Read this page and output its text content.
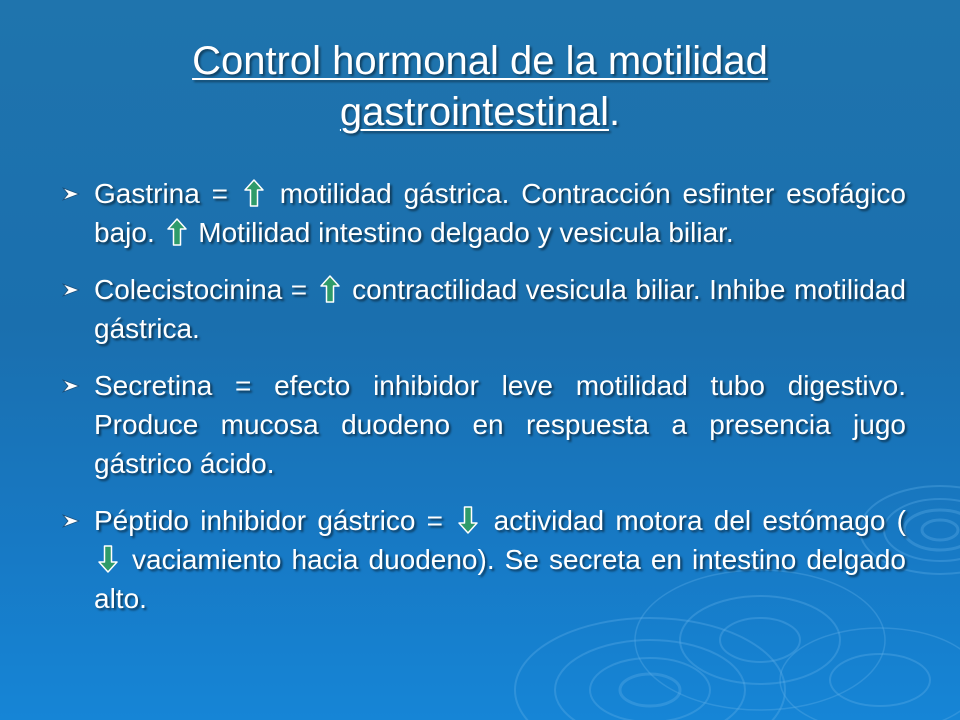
Control hormonal de la motilidad gastrointestinal.
Gastrina =  motilidad gástrica. Contracción esfinter esofágico bajo.  Motilidad intestino delgado y vesicula biliar.
Colecistocinina =  contractilidad vesicula biliar. Inhibe motilidad gástrica.
Secretina = efecto inhibidor leve motilidad tubo digestivo. Produce mucosa duodeno en respuesta a presencia jugo gástrico ácido.
Péptido inhibidor gástrico =  actividad motora del estómago (  vaciamiento hacia duodeno). Se secreta en intestino delgado alto.
